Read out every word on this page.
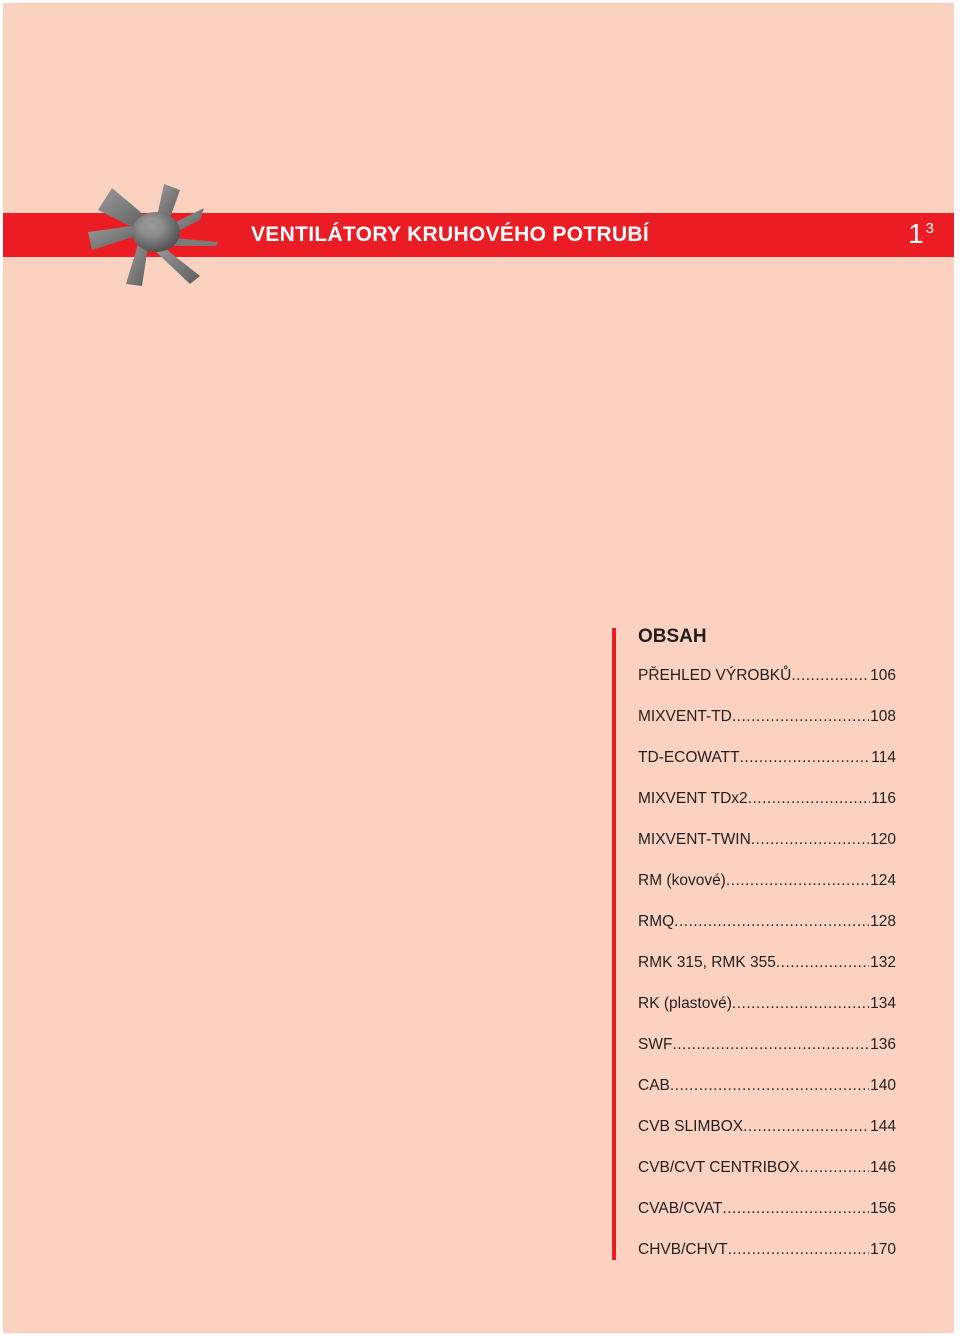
VENTILÁTORY KRUHOVÉHO POTRUBÍ	1 $^3$
OBSAH
PŘEHLED VÝROBKŮ .....	106
MIXVENT-TD .....	108
TD-ECOWATT .....	114
MIXVENT TDx2 .....	116
MIXVENT-TWIN .....	120
RM (kovové) .....	124
RMQ .....	128
RMK 315, RMK 355 .....	132
RK (plastové) .....	134
SWF .....	136
CAB .....	140
CVB SLIMBOX .....	144
CVB/CVT CENTRIBOX .....	146
CVAB/CVAT .....	156
CHVB/CHVT .....	170
